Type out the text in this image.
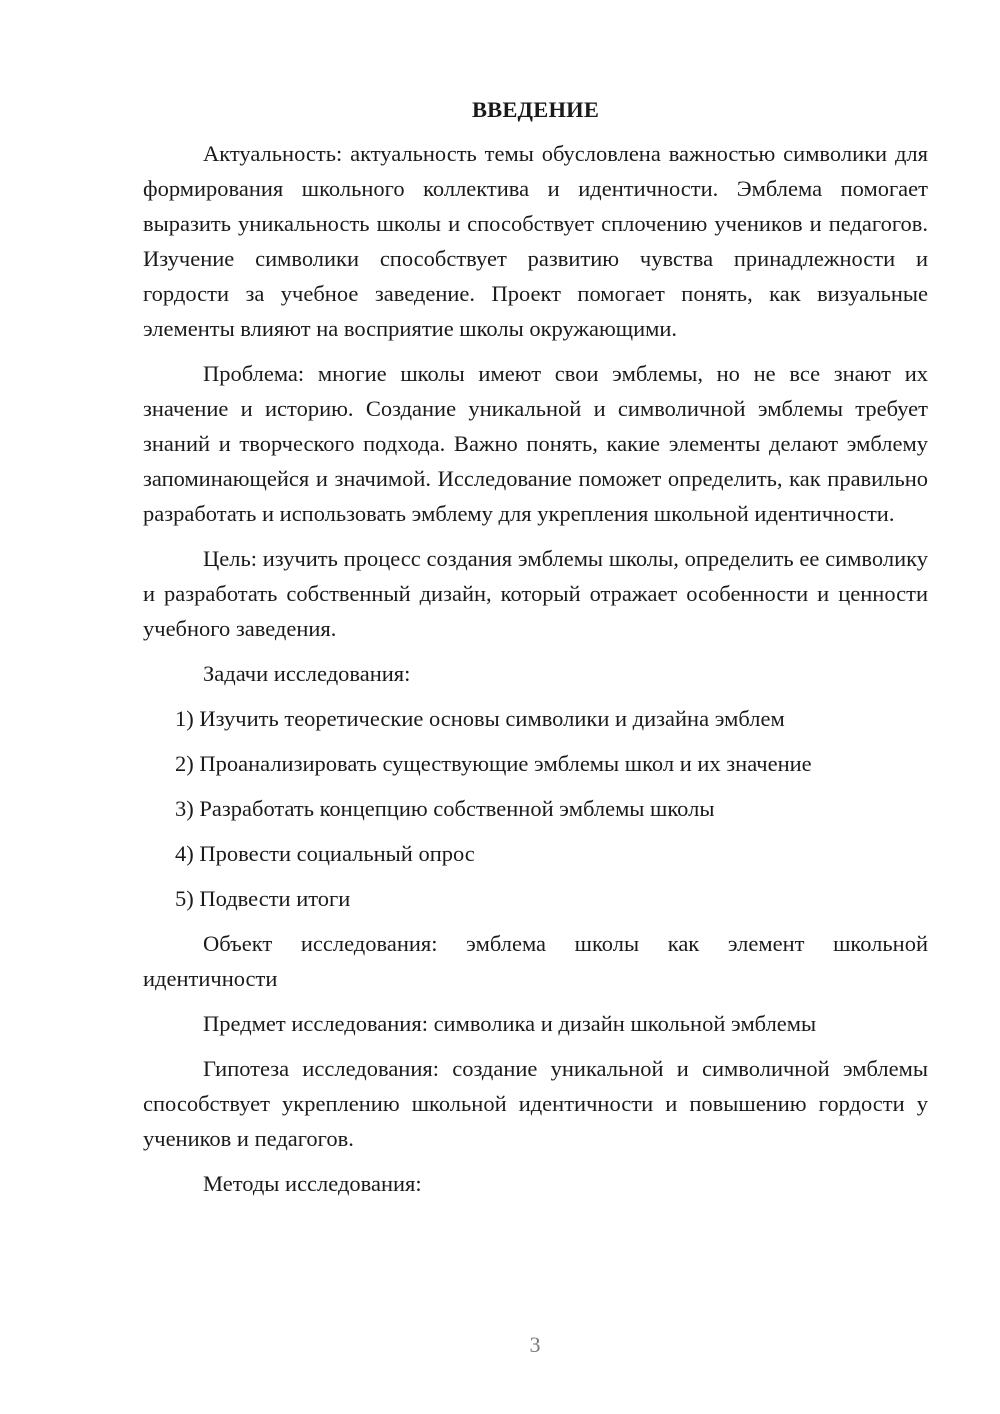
ВВЕДЕНИЕ

Актуальность: актуальность темы обусловлена важностью символики для формирования школьного коллектива и идентичности. Эмблема помогает выразить уникальность школы и способствует сплочению учеников и педагогов. Изучение символики способствует развитию чувства принадлежности и гордости за учебное заведение. Проект помогает понять, как визуальные элементы влияют на восприятие школы окружающими.

Проблема: многие школы имеют свои эмблемы, но не все знают их значение и историю. Создание уникальной и символичной эмблемы требует знаний и творческого подхода. Важно понять, какие элементы делают эмблему запоминающейся и значимой. Исследование поможет определить, как правильно разработать и использовать эмблему для укрепления школьной идентичности.

Цель: изучить процесс создания эмблемы школы, определить ее символику и разработать собственный дизайн, который отражает особенности и ценности учебного заведения.

Задачи исследования:

1) Изучить теоретические основы символики и дизайна эмблем
2) Проанализировать существующие эмблемы школ и их значение
3) Разработать концепцию собственной эмблемы школы
4) Провести социальный опрос
5) Подвести итоги

Объект исследования: эмблема школы как элемент школьной идентичности

Предмет исследования: символика и дизайн школьной эмблемы

Гипотеза исследования: создание уникальной и символичной эмблемы способствует укреплению школьной идентичности и повышению гордости у учеников и педагогов.

Методы исследования:

3
